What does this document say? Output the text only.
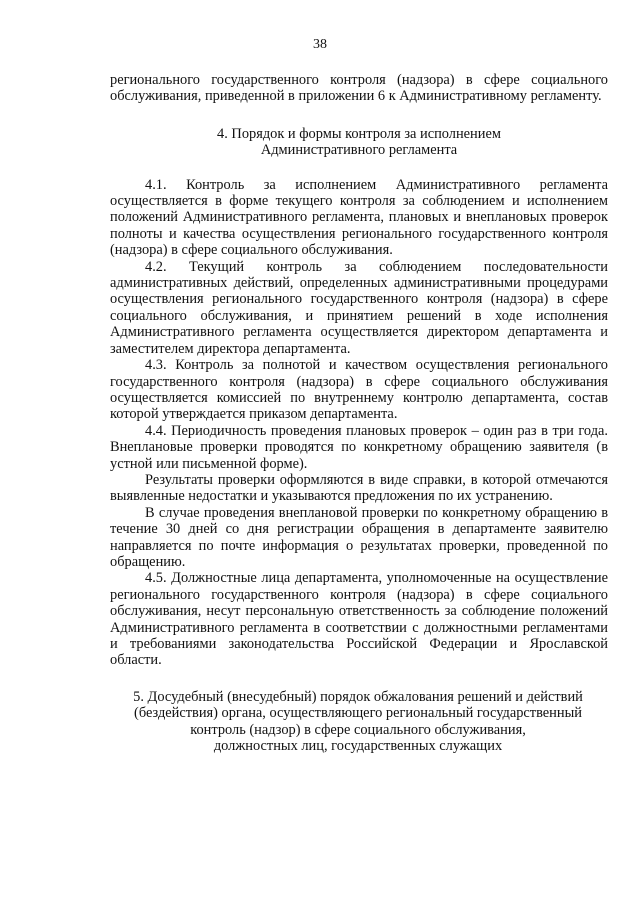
38

регионального государственного контроля (надзора) в сфере социального обслуживания, приведенной в приложении 6 к Административному регламенту.

4. Порядок и формы контроля за исполнением

Административного регламента

4.1. Контроль за исполнением Административного регламента осуществляется в форме текущего контроля за соблюдением и исполнением положений Административного регламента, плановых и внеплановых проверок полноты и качества осуществления регионального государственного контроля (надзора) в сфере социального обслуживания.

4.2. Текущий контроль за соблюдением последовательности административных действий, определенных административными процедурами осуществления регионального государственного контроля (надзора) в сфере социального обслуживания, и принятием решений в ходе исполнения Административного регламента осуществляется директором департамента и заместителем директора департамента.

4.3. Контроль за полнотой и качеством осуществления регионального государственного контроля (надзора) в сфере социального обслуживания осуществляется комиссией по внутреннему контролю департамента, состав которой утверждается приказом департамента.

4.4. Периодичность проведения плановых проверок – один раз в три года. Внеплановые проверки проводятся по конкретному обращению заявителя (в устной или письменной форме).

Результаты проверки оформляются в виде справки, в которой отмечаются выявленные недостатки и указываются предложения по их устранению.

В случае проведения внеплановой проверки по конкретному обращению в течение 30 дней со дня регистрации обращения в департаменте заявителю направляется по почте информация о результатах проверки, проведенной по обращению.

4.5. Должностные лица департамента, уполномоченные на осуществление регионального государственного контроля (надзора) в сфере социального обслуживания, несут персональную ответственность за соблюдение положений Административного регламента в соответствии с должностными регламентами и требованиями законодательства Российской Федерации и Ярославской области.

5. Досудебный (внесудебный) порядок обжалования решений и действий

(бездействия) органа, осуществляющего региональный государственный

контроль (надзор) в сфере социального обслуживания,

должностных лиц, государственных служащих
